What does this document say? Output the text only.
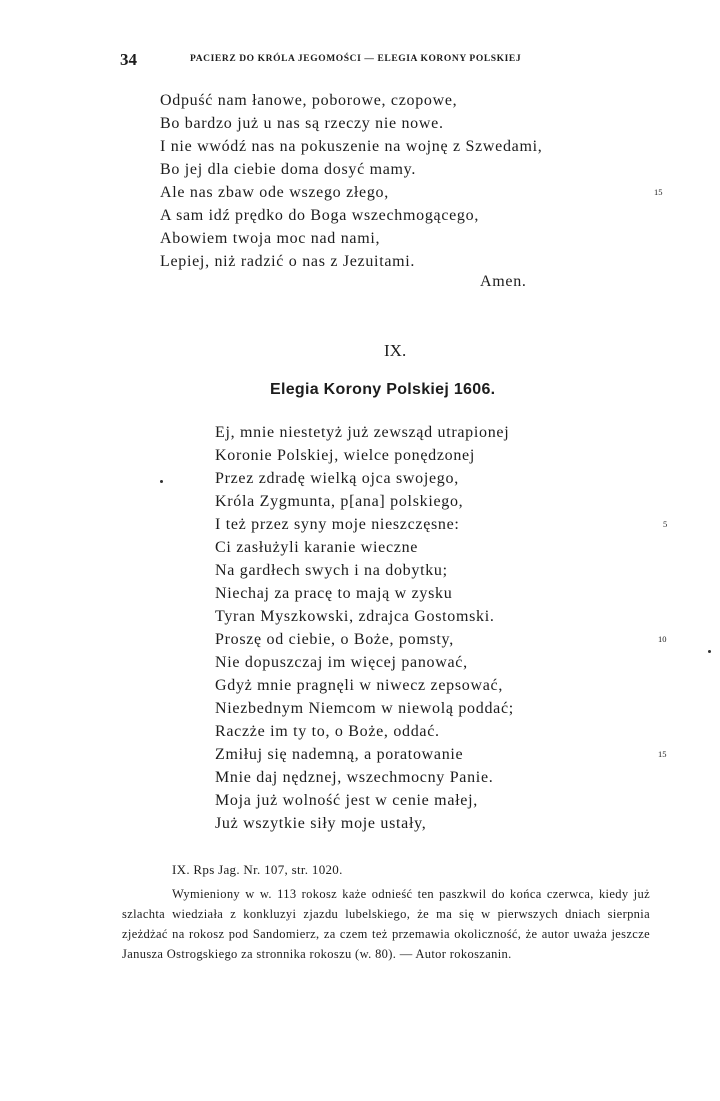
34	PACIERZ DO KRÓLA JEGOMOŚCI — ELEGIA KORONY POLSKIEJ
Odpuść nam łanowe, poborowe, czopowe,
Bo bardzo już u nas są rzeczy nie nowe.
I nie wwódź nas na pokuszenie na wojnę z Szwedami,
Bo jej dla ciebie doma dosyć mamy.
Ale nas zbaw ode wszego złego,
A sam idź prędko do Boga wszechmogącego,
Abowiem twoja moc nad nami,
Lepiej, niż radzić o nas z Jezuitami.
15
Amen.
IX.
Elegia Korony Polskiej 1606.
Ej, mnie niestetyż już zewsząd utrapionej
Koronie Polskiej, wielce ponędzonej
Przez zdradę wielką ojca swojego,
Króla Zygmunta, p[ana] polskiego,
I też przez syny moje nieszczęsne:
Ci zasłużyli karanie wieczne
Na gardłech swych i na dobytku;
Niechaj za pracę to mają w zysku
Tyran Myszkowski, zdrajca Gostomski.
Proszę od ciebie, o Boże, pomsty,
Nie dopuszczaj im więcej panować,
Gdyż mnie pragnęli w niwecz zepsować,
Niezbednym Niemcom w niewolą poddać;
Raczże im ty to, o Boże, oddać.
Zmiłuj się nademną, a poratowanie
Mnie daj nędznej, wszechmocny Panie.
Moja już wolność jest w cenie małej,
Już wszytkie siły moje ustały,
5
10
15
IX. Rps Jag. Nr. 107, str. 1020.
Wymieniony w w. 113 rokosz każe odnieść ten paszkwil do końca czerwca, kiedy już szlachta wiedziała z konkluzyi zjazdu lubelskiego, że ma się w pierwszych dniach sierpnia zjeżdżać na rokosz pod Sandomierz, za czem też przemawia okoliczność, że autor uważa jeszcze Janusza Ostrogskiego za stronnika rokoszu (w. 80). — Autor rokoszanin.
